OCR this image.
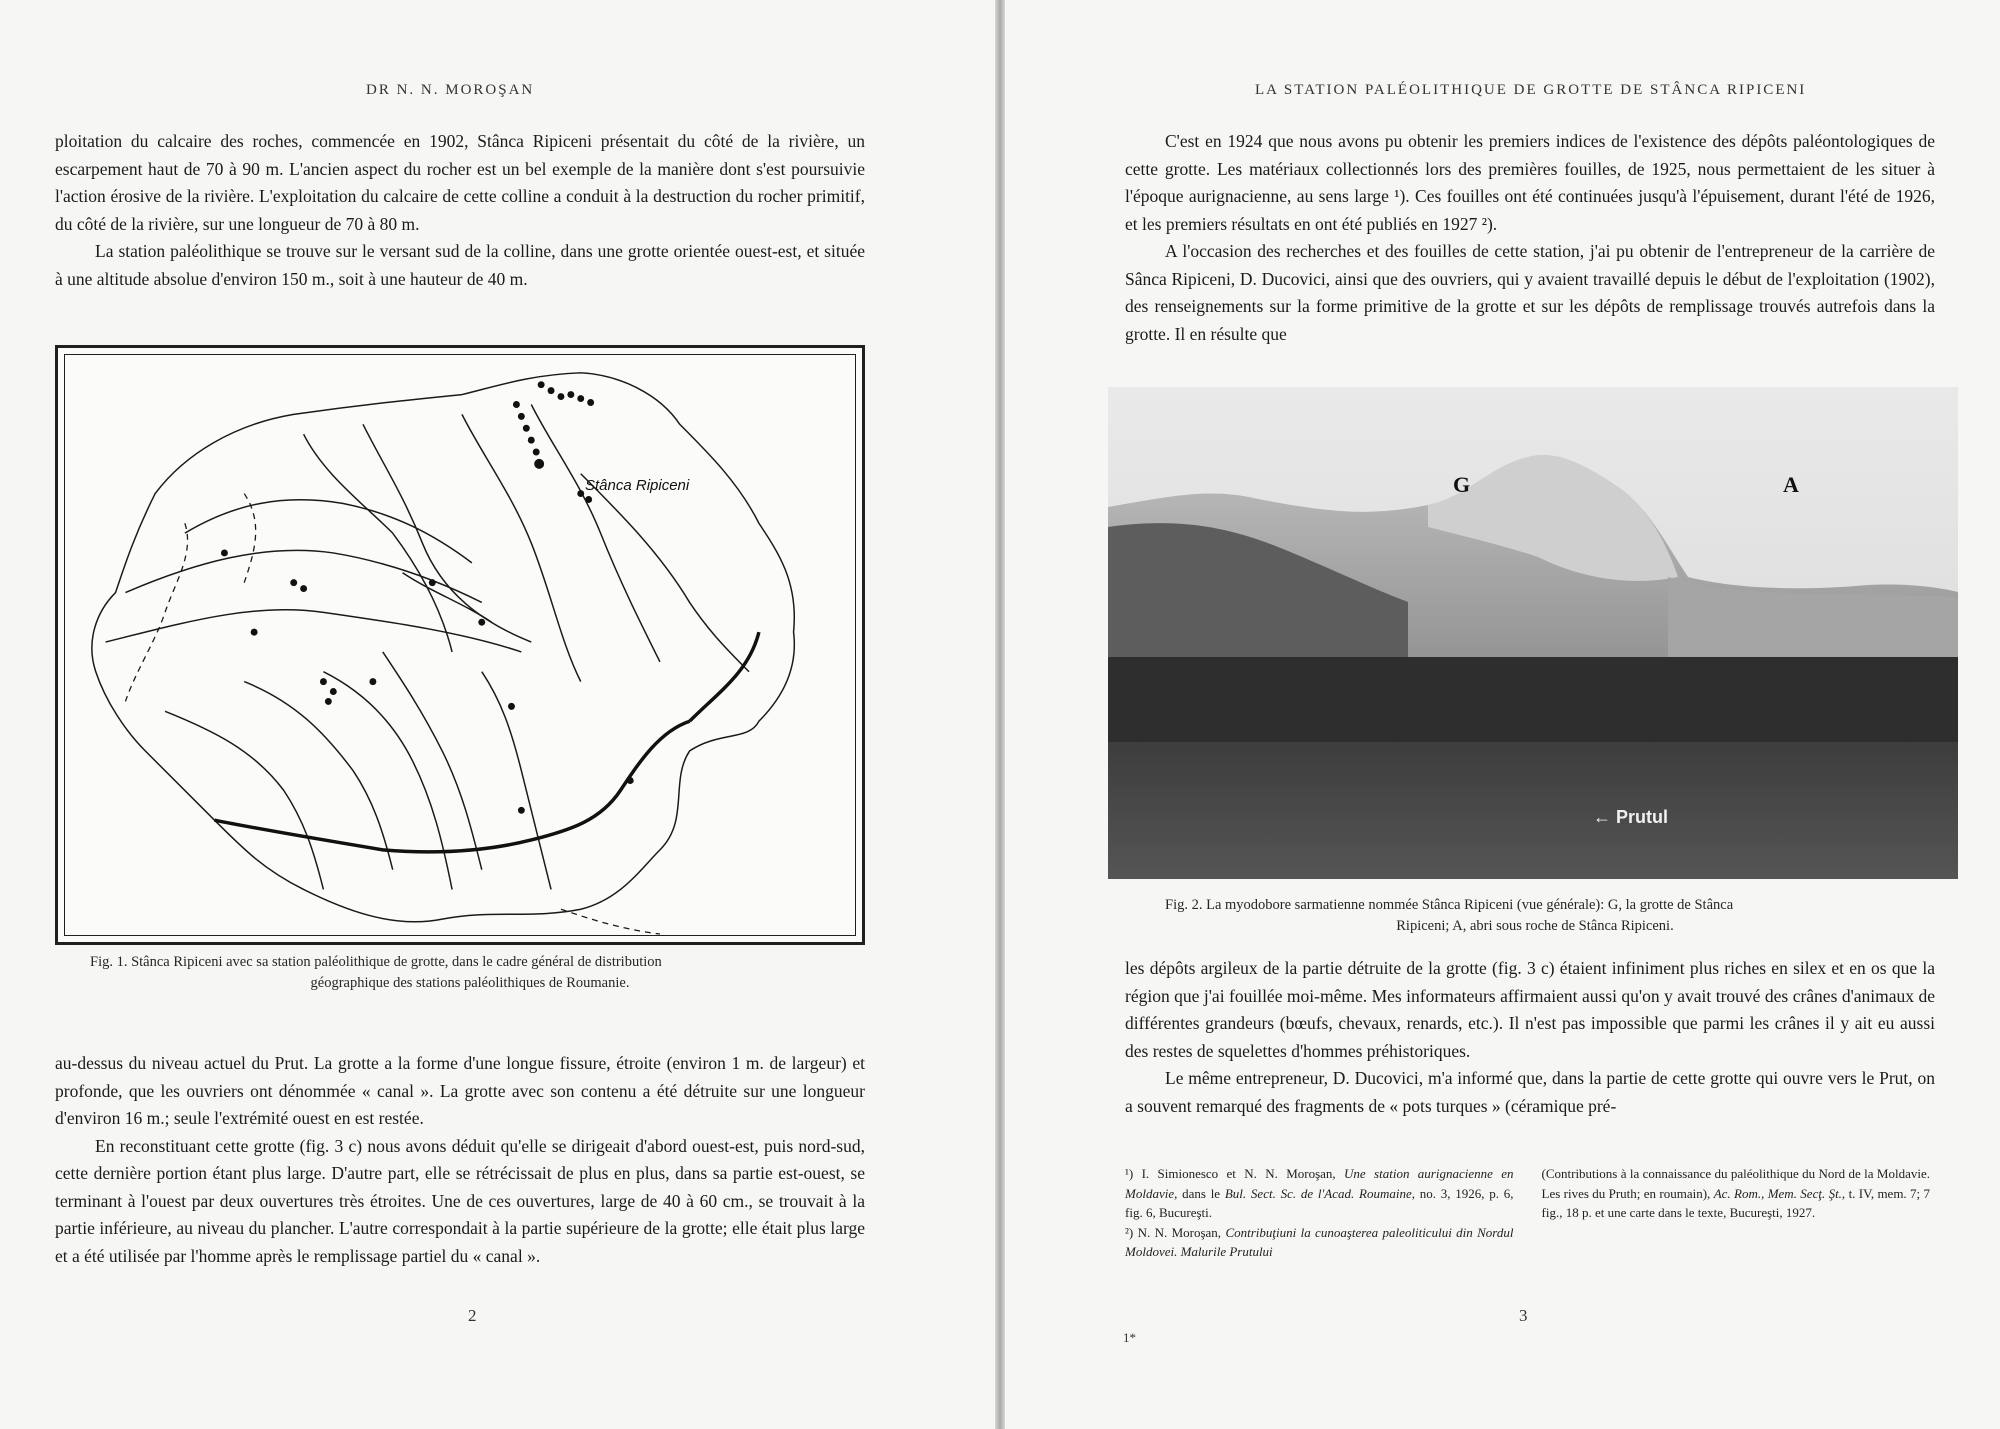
DR N. N. MOROŞAN

ploitation du calcaire des roches, commencée en 1902, Stânca Ripiceni présentait du côté de la rivière, un escarpement haut de 70 à 90 m. L'ancien aspect du rocher est un bel exemple de la manière dont s'est poursuivie l'action érosive de la rivière. L'exploitation du calcaire de cette colline a conduit à la destruction du rocher primitif, du côté de la rivière, sur une longueur de 70 à 80 m.

La station paléolithique se trouve sur le versant sud de la colline, dans une grotte orientée ouest-est, et située à une altitude absolue d'environ 150 m., soit à une hauteur de 40 m.

Stânca Ripiceni
Fig. 1. Stânca Ripiceni avec sa station paléolithique de grotte, dans le cadre général de distribution
géographique des stations paléolithiques de Roumanie.

au-dessus du niveau actuel du Prut. La grotte a la forme d'une longue fissure, étroite (environ 1 m. de largeur) et profonde, que les ouvriers ont dénommée « canal ». La grotte avec son contenu a été détruite sur une longueur d'environ 16 m.; seule l'extrémité ouest en est restée.

En reconstituant cette grotte (fig. 3 c) nous avons déduit qu'elle se dirigeait d'abord ouest-est, puis nord-sud, cette dernière portion étant plus large. D'autre part, elle se rétrécissait de plus en plus, dans sa partie est-ouest, se terminant à l'ouest par deux ouvertures très étroites. Une de ces ouvertures, large de 40 à 60 cm., se trouvait à la partie inférieure, au niveau du plancher. L'autre correspondait à la partie supérieure de la grotte; elle était plus large et a été utilisée par l'homme après le remplissage partiel du « canal ».

2
LA STATION PALÉOLITHIQUE DE GROTTE DE STÂNCA RIPICENI

C'est en 1924 que nous avons pu obtenir les premiers indices de l'existence des dépôts paléontologiques de cette grotte. Les matériaux collectionnés lors des premières fouilles, de 1925, nous permettaient de les situer à l'époque aurignacienne, au sens large ¹). Ces fouilles ont été continuées jusqu'à l'épuisement, durant l'été de 1926, et les premiers résultats en ont été publiés en 1927 ²).

A l'occasion des recherches et des fouilles de cette station, j'ai pu obtenir de l'entrepreneur de la carrière de Sânca Ripiceni, D. Ducovici, ainsi que des ouvriers, qui y avaient travaillé depuis le début de l'exploitation (1902), des renseignements sur la forme primitive de la grotte et sur les dépôts de remplissage trouvés autrefois dans la grotte. Il en résulte que

G	A
← Prutul
Fig. 2. La myodobore sarmatienne nommée Stânca Ripiceni (vue générale): G, la grotte de Stânca
Ripiceni; A, abri sous roche de Stânca Ripiceni.

les dépôts argileux de la partie détruite de la grotte (fig. 3 c) étaient infiniment plus riches en silex et en os que la région que j'ai fouillée moi-même. Mes informateurs affirmaient aussi qu'on y avait trouvé des crânes d'animaux de différentes grandeurs (bœufs, chevaux, renards, etc.). Il n'est pas impossible que parmi les crânes il y ait eu aussi des restes de squelettes d'hommes préhistoriques.

Le même entrepreneur, D. Ducovici, m'a informé que, dans la partie de cette grotte qui ouvre vers le Prut, on a souvent remarqué des fragments de « pots turques » (céramique pré-

¹) I. Simionesco et N. N. Moroşan, Une station aurignacienne en Moldavie, dans le Bul. Sect. Sc. de l'Acad. Roumaine, no. 3, 1926, p. 6, fig. 6, Bucureşti.

²) N. N. Moroşan, Contribuţiuni la cunoaşterea paleoliticului din Nordul Moldovei. Malurile Prutului

(Contributions à la connaissance du paléolithique du Nord de la Moldavie. Les rives du Pruth; en roumain), Ac. Rom., Mem. Secţ. Şt., t. IV, mem. 7; 7 fig., 18 p. et une carte dans le texte, Bucureşti, 1927.

3
1*
